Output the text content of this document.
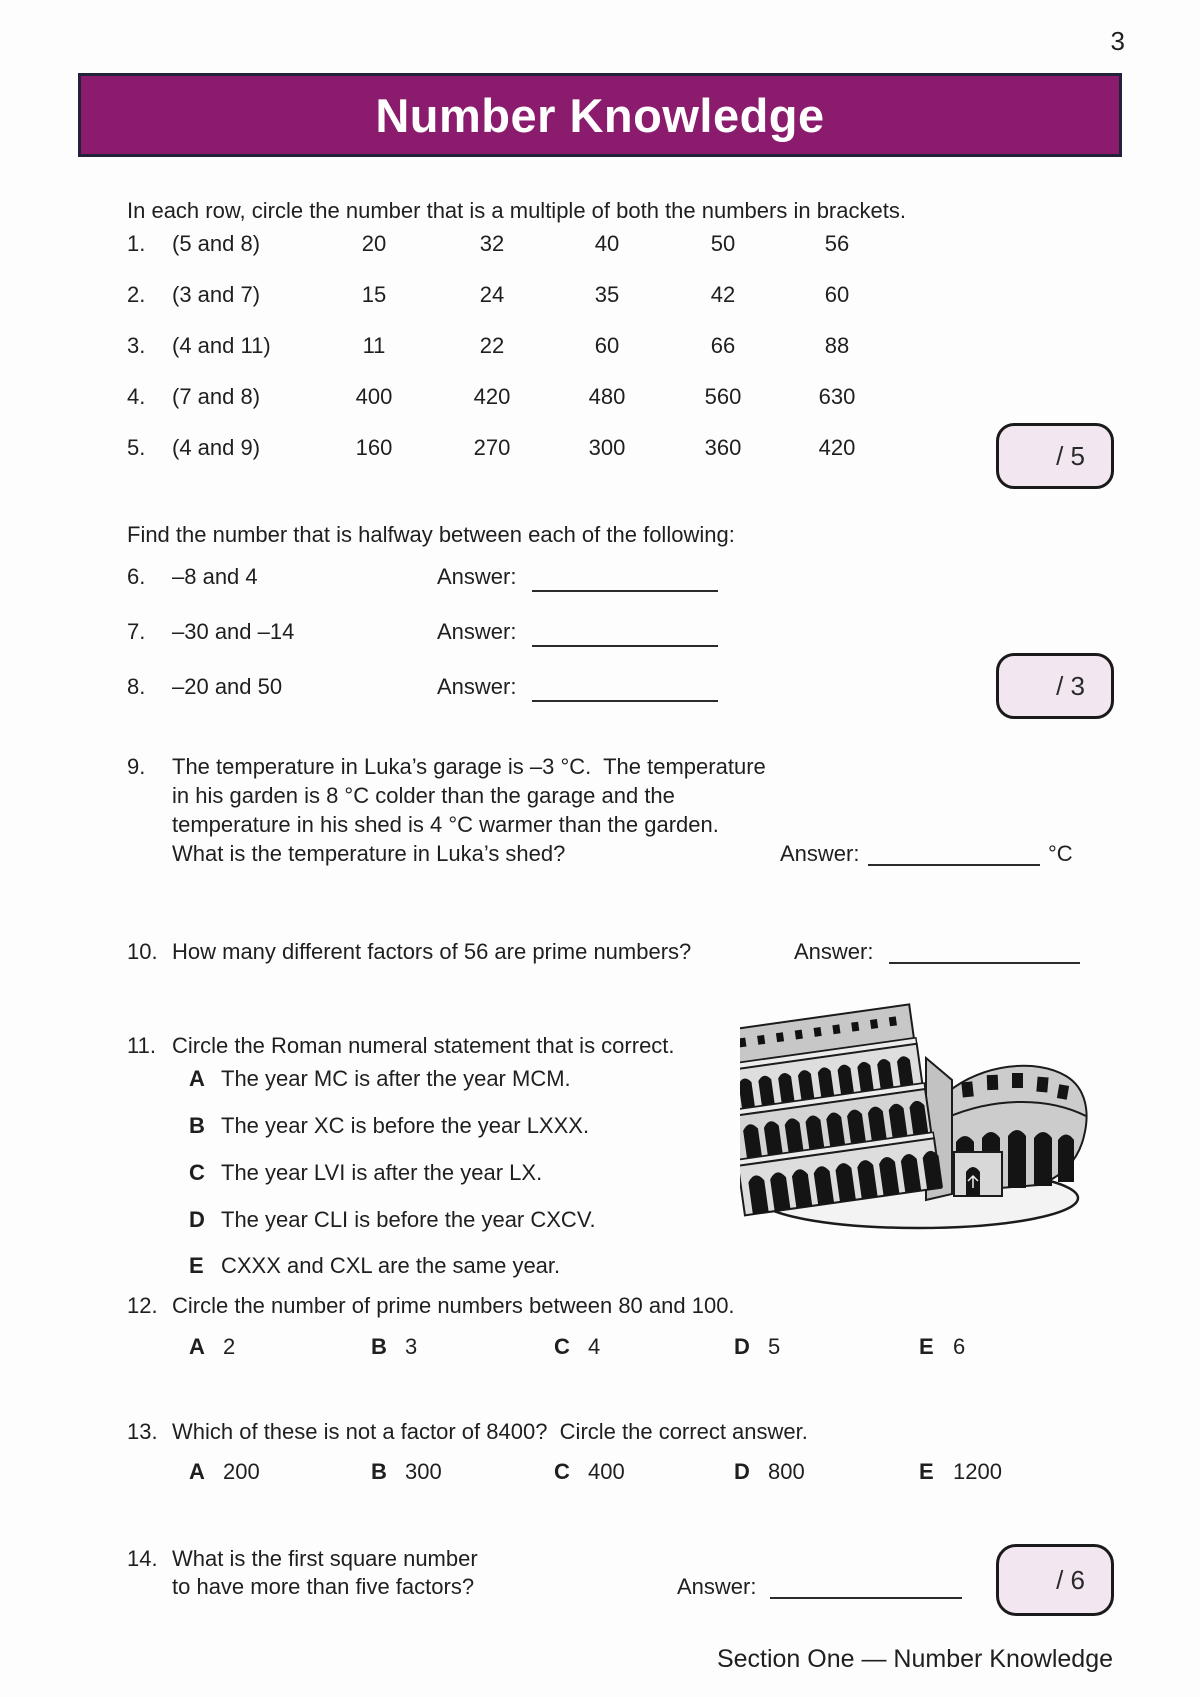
3
Number Knowledge
In each row, circle the number that is a multiple of both the numbers in brackets.
1. (5 and 8)	20	32	40	50	56
2. (3 and 7)	15	24	35	42	60
3. (4 and 11)	11	22	60	66	88
4. (7 and 8)	400	420	480	560	630
5. (4 and 9)	160	270	300	360	420	/ 5
Find the number that is halfway between each of the following:
6. –8 and 4	Answer:
7. –30 and –14	Answer:
8. –20 and 50	Answer:	/ 3
9. The temperature in Luka’s garage is –3 °C.  The temperature
in his garden is 8 °C colder than the garage and the
temperature in his shed is 4 °C warmer than the garden.
What is the temperature in Luka’s shed?	Answer:	°C
10. How many different factors of 56 are prime numbers?	Answer:
11. Circle the Roman numeral statement that is correct.
A The year MC is after the year MCM.
B The year XC is before the year LXXX.
C The year LVI is after the year LX.
D The year CLI is before the year CXCV.
E CXXX and CXL are the same year.
12. Circle the number of prime numbers between 80 and 100.
A 2	B 3	C 4	D 5	E 6
13. Which of these is not a factor of 8400?  Circle the correct answer.
A 200	B 300	C 400	D 800	E 1200
14. What is the first square number
to have more than five factors?	Answer:	/ 6
Section One — Number Knowledge
